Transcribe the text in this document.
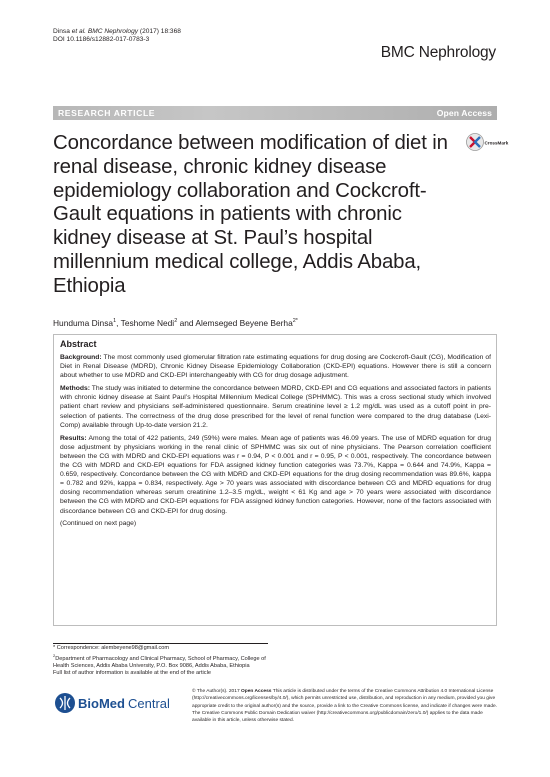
Dinsa et al. BMC Nephrology (2017) 18:368
DOI 10.1186/s12882-017-0783-3
BMC Nephrology
RESEARCH ARTICLE	Open Access
Concordance between modification of diet in renal disease, chronic kidney disease epidemiology collaboration and Cockcroft-Gault equations in patients with chronic kidney disease at St. Paul’s hospital millennium medical college, Addis Ababa, Ethiopia
CrossMark
Hunduma Dinsa$^1$, Teshome Nedi$^2$ and Alemseged Beyene Berha$^{2*}$
Abstract

Background: The most commonly used glomerular filtration rate estimating equations for drug dosing are Cockcroft-Gault (CG), Modification of Diet in Renal Disease (MDRD), Chronic Kidney Disease Epidemiology Collaboration (CKD-EPI) equations. However there is still a concern about whether to use MDRD and CKD-EPI interchangeably with CG for drug dosage adjustment.

Methods: The study was initiated to determine the concordance between MDRD, CKD-EPI and CG equations and associated factors in patients with chronic kidney disease at Saint Paul’s Hospital Millennium Medical College (SPHMMC). This was a cross sectional study which involved patient chart review and physicians self-administered questionnaire. Serum creatinine level ≥ 1.2 mg/dL was used as a cutoff point in pre-selection of patients. The correctness of the drug dose prescribed for the level of renal function were compared to the drug database (Lexi-Comp) available through Up-to-date version 21.2.

Results: Among the total of 422 patients, 249 (59%) were males. Mean age of patients was 46.09 years. The use of MDRD equation for drug dose adjustment by physicians working in the renal clinic of SPHMMC was six out of nine physicians. The Pearson correlation coefficient between the CG with MDRD and CKD-EPI equations was r = 0.94, P < 0.001 and r = 0.95, P < 0.001, respectively. The concordance between the CG with MDRD and CKD-EPI equations for FDA assigned kidney function categories was 73.7%, Kappa = 0.644 and 74.9%, Kappa = 0.659, respectively. Concordance between the CG with MDRD and CKD-EPI equations for the drug dosing recommendation was 89.6%, kappa = 0.782 and 92%, kappa = 0.834, respectively. Age > 70 years was associated with discordance between CG and MDRD equations for drug dosing recommendation whereas serum creatinine 1.2–3.5 mg/dL, weight < 61 Kg and age > 70 years were associated with discordance between the CG with MDRD and CKD-EPI equations for FDA assigned kidney function categories. However, none of the factors associated with discordance between CG and CKD-EPI for drug dosing.

(Continued on next page)

* Correspondence: alembeyene98@gmail.com
$^2$Department of Pharmacology and Clinical Pharmacy, School of Pharmacy, College of Health Sciences, Addis Ababa University, P.O. Box 9086, Addis Ababa, Ethiopia
Full list of author information is available at the end of the article
BioMed Central
© The Author(s). 2017 Open Access This article is distributed under the terms of the Creative Commons Attribution 4.0 International License (http://creativecommons.org/licenses/by/4.0/), which permits unrestricted use, distribution, and reproduction in any medium, provided you give appropriate credit to the original author(s) and the source, provide a link to the Creative Commons license, and indicate if changes were made. The Creative Commons Public Domain Dedication waiver (http://creativecommons.org/publicdomain/zero/1.0/) applies to the data made available in this article, unless otherwise stated.
